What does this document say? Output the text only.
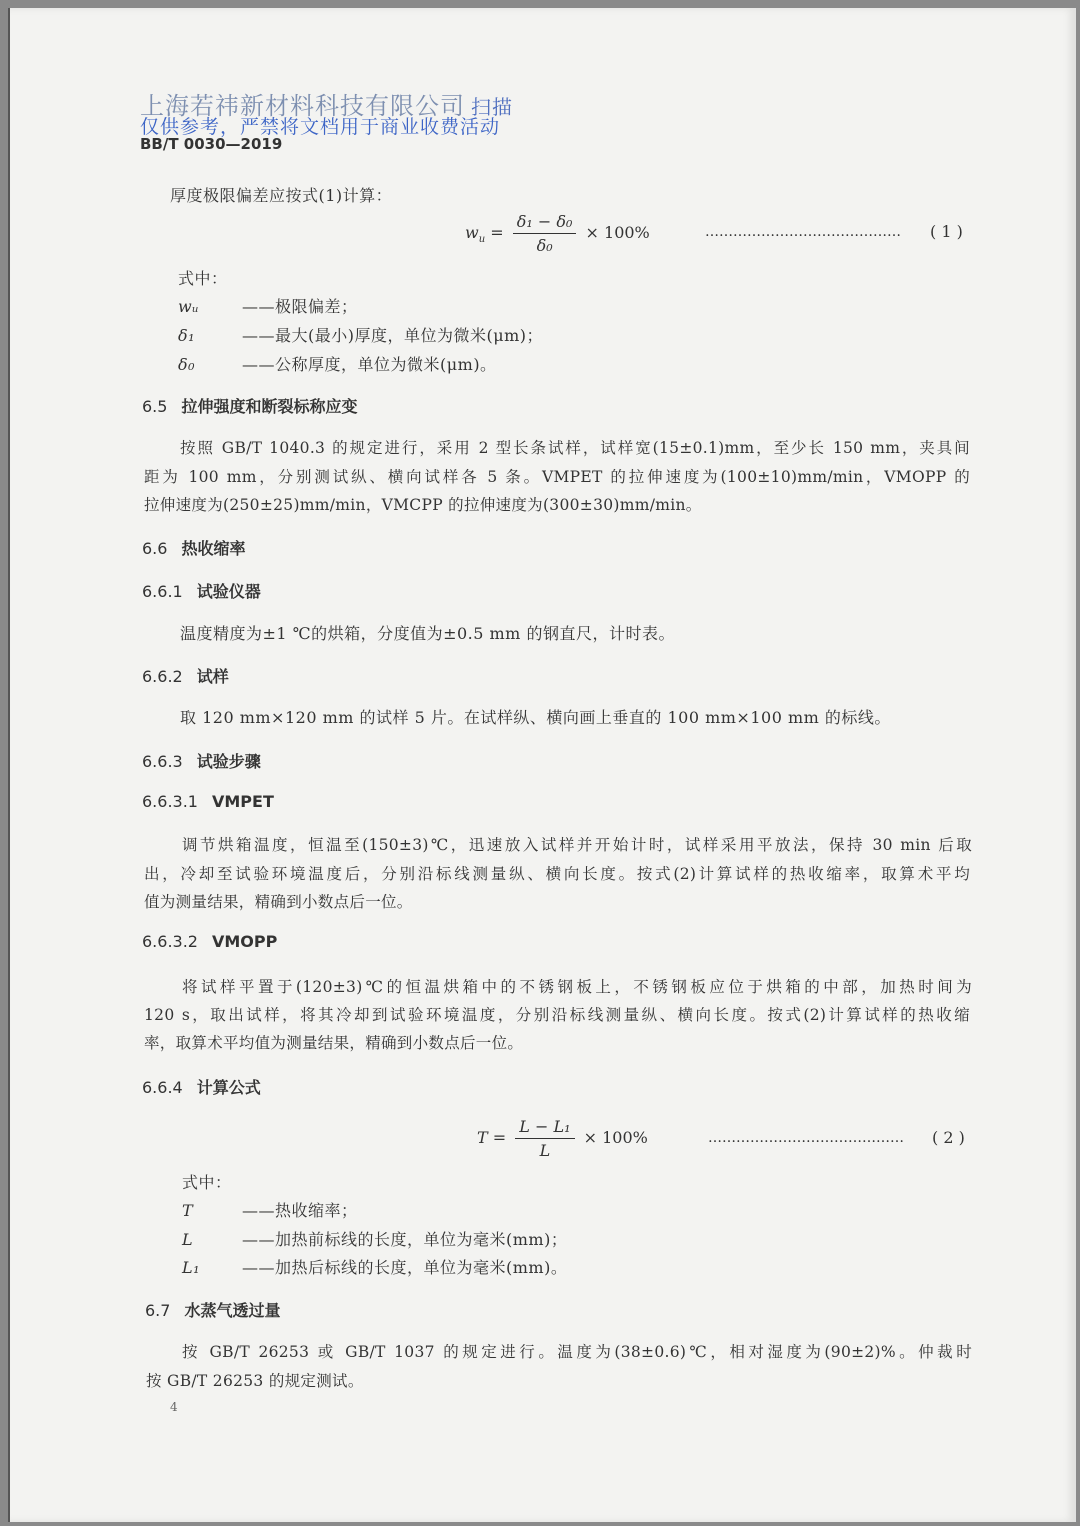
上海若祎新材料科技有限公司 扫描
仅供参考，严禁将文档用于商业收费活动
BB/T 0030—2019
厚度极限偏差应按式(1)计算：
$w_u = \frac{\text{δ₁ − δ₀}}{\text{δ₀}} \times 100\%$	…………………………………… ( 1 )
式中：
wᵤ	——极限偏差；
δ₁	——最大(最小)厚度，单位为微米(μm)；
δ₀	——公称厚度，单位为微米(μm)。
6.5 拉伸强度和断裂标称应变
按照 GB/T 1040.3 的规定进行，采用 2 型长条试样，试样宽(15±0.1)mm，至少长 150 mm，夹具间
距为 100 mm，分别测试纵、横向试样各 5 条。VMPET 的拉伸速度为(100±10)mm/min，VMOPP 的
拉伸速度为(250±25)mm/min，VMCPP 的拉伸速度为(300±30)mm/min。
6.6 热收缩率
6.6.1 试验仪器
温度精度为±1 ℃的烘箱，分度值为±0.5 mm 的钢直尺，计时表。
6.6.2 试样
取 120 mm×120 mm 的试样 5 片。在试样纵、横向画上垂直的 100 mm×100 mm 的标线。
6.6.3 试验步骤
6.6.3.1 VMPET
调节烘箱温度，恒温至(150±3)℃，迅速放入试样并开始计时，试样采用平放法，保持 30 min 后取
出，冷却至试验环境温度后，分别沿标线测量纵、横向长度。按式(2)计算试样的热收缩率，取算术平均
值为测量结果，精确到小数点后一位。
6.6.3.2 VMOPP
将试样平置于(120±3)℃的恒温烘箱中的不锈钢板上，不锈钢板应位于烘箱的中部，加热时间为
120 s，取出试样，将其冷却到试验环境温度，分别沿标线测量纵、横向长度。按式(2)计算试样的热收缩
率，取算术平均值为测量结果，精确到小数点后一位。
6.6.4 计算公式
$T = \frac{\text{L − L₁}}{L} \times 100\%$	…………………………………… ( 2 )
式中：
T	——热收缩率；
L	——加热前标线的长度，单位为毫米(mm)；
L₁	——加热后标线的长度，单位为毫米(mm)。
6.7 水蒸气透过量
按 GB/T 26253 或 GB/T 1037 的规定进行。温度为(38±0.6)℃，相对湿度为(90±2)%。仲裁时
按 GB/T 26253 的规定测试。
4
